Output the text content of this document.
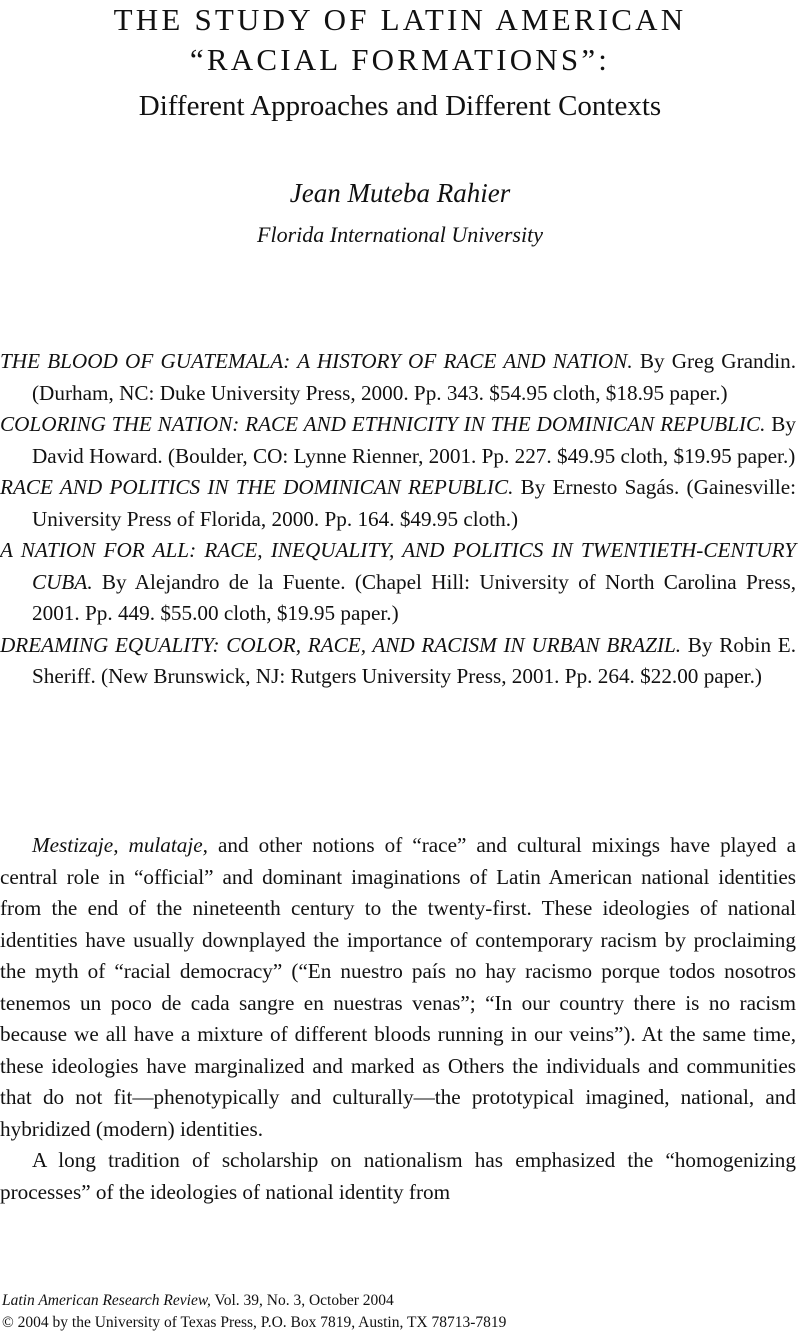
THE STUDY OF LATIN AMERICAN
“RACIAL FORMATIONS”:
Different Approaches and Different Contexts
Jean Muteba Rahier
Florida International University

THE BLOOD OF GUATEMALA: A HISTORY OF RACE AND NATION. By Greg Grandin. (Durham, NC: Duke University Press, 2000. Pp. 343. $54.95 cloth, $18.95 paper.)

COLORING THE NATION: RACE AND ETHNICITY IN THE DOMINICAN REPUBLIC. By David Howard. (Boulder, CO: Lynne Rienner, 2001. Pp. 227. $49.95 cloth, $19.95 paper.)

RACE AND POLITICS IN THE DOMINICAN REPUBLIC. By Ernesto Sagás. (Gainesville: University Press of Florida, 2000. Pp. 164. $49.95 cloth.)

A NATION FOR ALL: RACE, INEQUALITY, AND POLITICS IN TWENTIETH-CENTURY CUBA. By Alejandro de la Fuente. (Chapel Hill: University of North Carolina Press, 2001. Pp. 449. $55.00 cloth, $19.95 paper.)

DREAMING EQUALITY: COLOR, RACE, AND RACISM IN URBAN BRAZIL. By Robin E. Sheriff. (New Brunswick, NJ: Rutgers University Press, 2001. Pp. 264. $22.00 paper.)

Mestizaje, mulataje, and other notions of “race” and cultural mixings have played a central role in “official” and dominant imaginations of Latin American national identities from the end of the nineteenth century to the twenty-first. These ideologies of national identities have usually downplayed the importance of contemporary racism by proclaiming the myth of “racial democracy” (“En nuestro país no hay racismo porque todos nosotros tenemos un poco de cada sangre en nuestras venas”; “In our country there is no racism because we all have a mixture of different bloods running in our veins”). At the same time, these ideologies have marginalized and marked as Others the individuals and communities that do not fit—phenotypically and culturally—the prototypical imagined, national, and hybridized (modern) identities.

A long tradition of scholarship on nationalism has emphasized the “homogenizing processes” of the ideologies of national identity from

Latin American Research Review, Vol. 39, No. 3, October 2004
© 2004 by the University of Texas Press, P.O. Box 7819, Austin, TX 78713-7819
